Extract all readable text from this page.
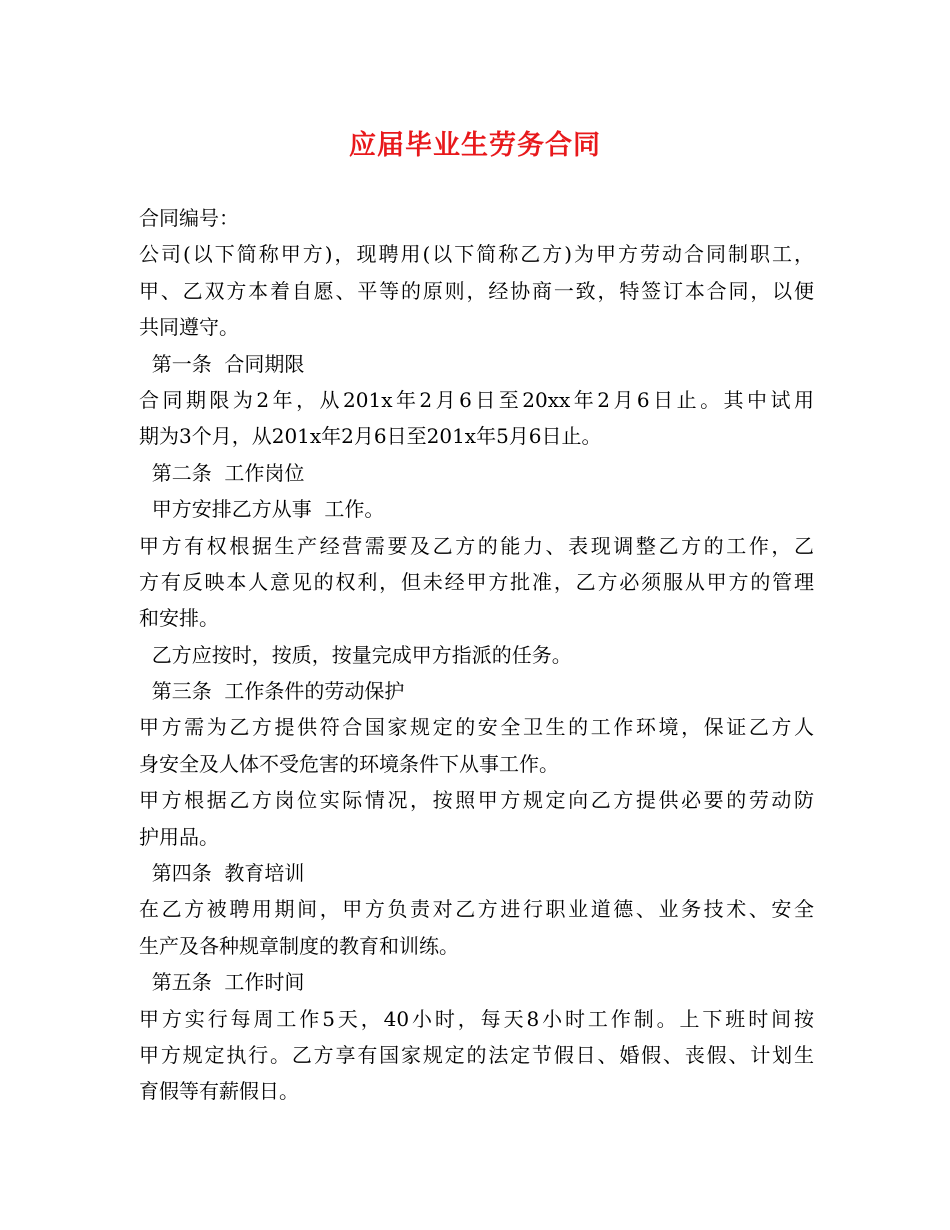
应届毕业生劳务合同
合同编号：
公司(以下简称甲方)，现聘用(以下简称乙方)为甲方劳动合同制职工，
甲、乙双方本着自愿、平等的原则，经协商一致，特签订本合同，以便
共同遵守。
第一条  合同期限
合同期限为2年，从201x年2月6日至20xx年2月6日止。其中试用
期为3个月，从201x年2月6日至201x年5月6日止。
第二条  工作岗位
甲方安排乙方从事  工作。
甲方有权根据生产经营需要及乙方的能力、表现调整乙方的工作，乙
方有反映本人意见的权利，但未经甲方批准，乙方必须服从甲方的管理
和安排。
乙方应按时，按质，按量完成甲方指派的任务。
第三条  工作条件的劳动保护
甲方需为乙方提供符合国家规定的安全卫生的工作环境，保证乙方人
身安全及人体不受危害的环境条件下从事工作。
甲方根据乙方岗位实际情况，按照甲方规定向乙方提供必要的劳动防
护用品。
第四条  教育培训
在乙方被聘用期间，甲方负责对乙方进行职业道德、业务技术、安全
生产及各种规章制度的教育和训练。
第五条  工作时间
甲方实行每周工作5天，40小时，每天8小时工作制。上下班时间按
甲方规定执行。乙方享有国家规定的法定节假日、婚假、丧假、计划生
育假等有薪假日。
